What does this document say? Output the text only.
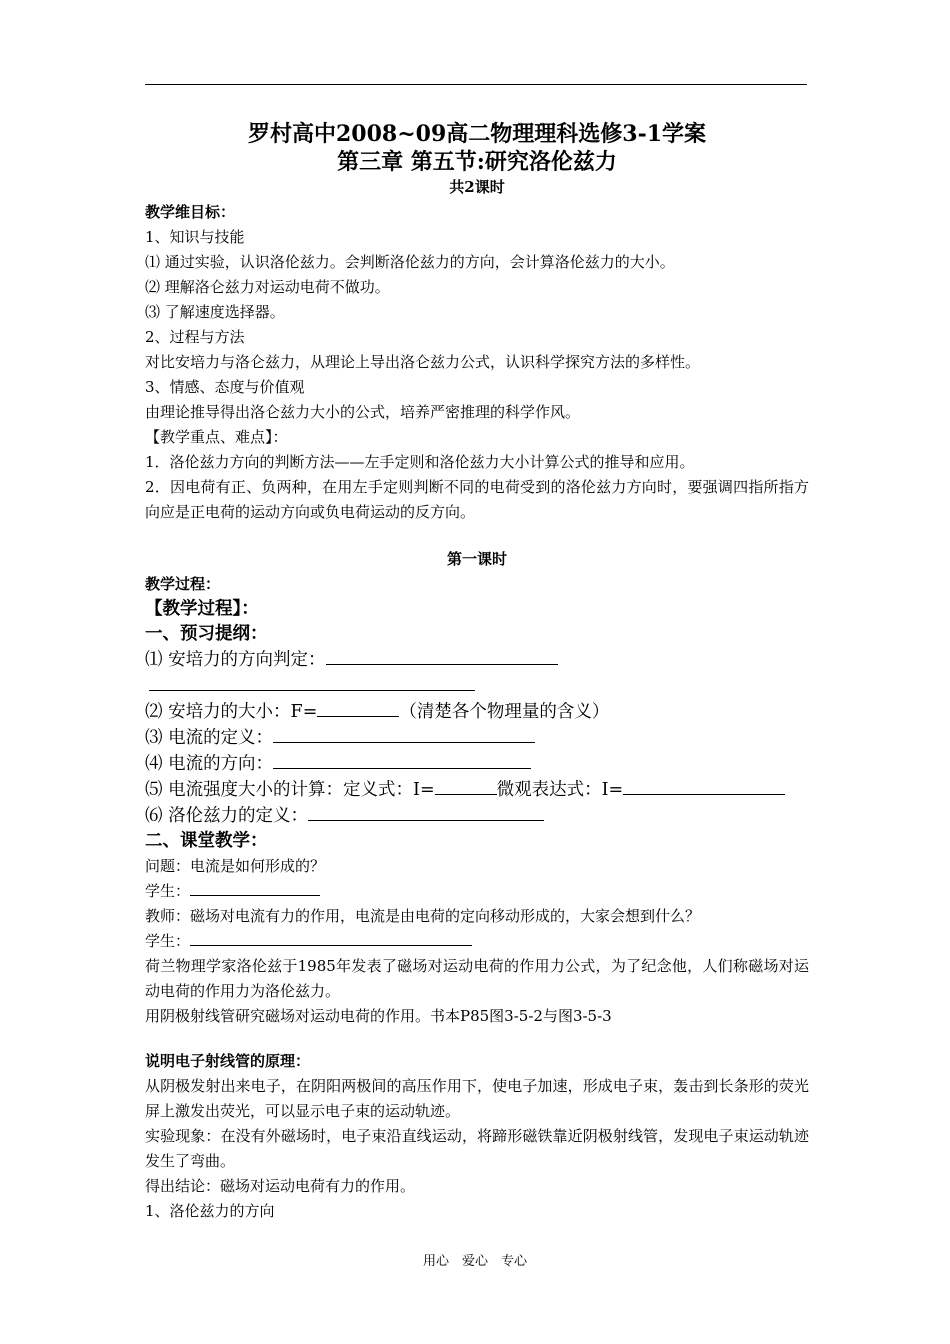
罗村高中2008~09高二物理理科选修3-1学案
第三章 第五节:研究洛伦兹力
共2课时
教学维目标：
1、知识与技能
⑴ 通过实验，认识洛伦兹力。会判断洛伦兹力的方向，会计算洛伦兹力的大小。
⑵ 理解洛仑兹力对运动电荷不做功。
⑶ 了解速度选择器。
2、过程与方法
对比安培力与洛仑兹力，从理论上导出洛仑兹力公式，认识科学探究方法的多样性。
3、情感、态度与价值观
由理论推导得出洛仑兹力大小的公式，培养严密推理的科学作风。
【教学重点、难点】：
1．洛伦兹力方向的判断方法——左手定则和洛伦兹力大小计算公式的推导和应用。
2．因电荷有正、负两种，在用左手定则判断不同的电荷受到的洛伦兹力方向时，要强调四指所指方向应是正电荷的运动方向或负电荷运动的反方向。
第一课时
教学过程：
【教学过程】：
一、预习提纲：
⑴ 安培力的方向判定：
⑵ 安培力的大小：F=	（清楚各个物理量的含义）
⑶ 电流的定义：
⑷ 电流的方向：
⑸ 电流强度大小的计算：定义式：I=	微观表达式：I=
⑹ 洛伦兹力的定义：
二、课堂教学：
问题：电流是如何形成的？
学生：
教师：磁场对电流有力的作用，电流是由电荷的定向移动形成的，大家会想到什么？
学生：
荷兰物理学家洛伦兹于1985年发表了磁场对运动电荷的作用力公式，为了纪念他，人们称磁场对运动电荷的作用力为洛伦兹力。
用阴极射线管研究磁场对运动电荷的作用。书本P85图3-5-2与图3-5-3
说明电子射线管的原理：
从阴极发射出来电子，在阴阳两极间的高压作用下，使电子加速，形成电子束，轰击到长条形的荧光屏上激发出荧光，可以显示电子束的运动轨迹。
实验现象：在没有外磁场时，电子束沿直线运动，将蹄形磁铁靠近阴极射线管，发现电子束运动轨迹发生了弯曲。
得出结论：磁场对运动电荷有力的作用。
1、洛伦兹力的方向
用心　爱心　专心
